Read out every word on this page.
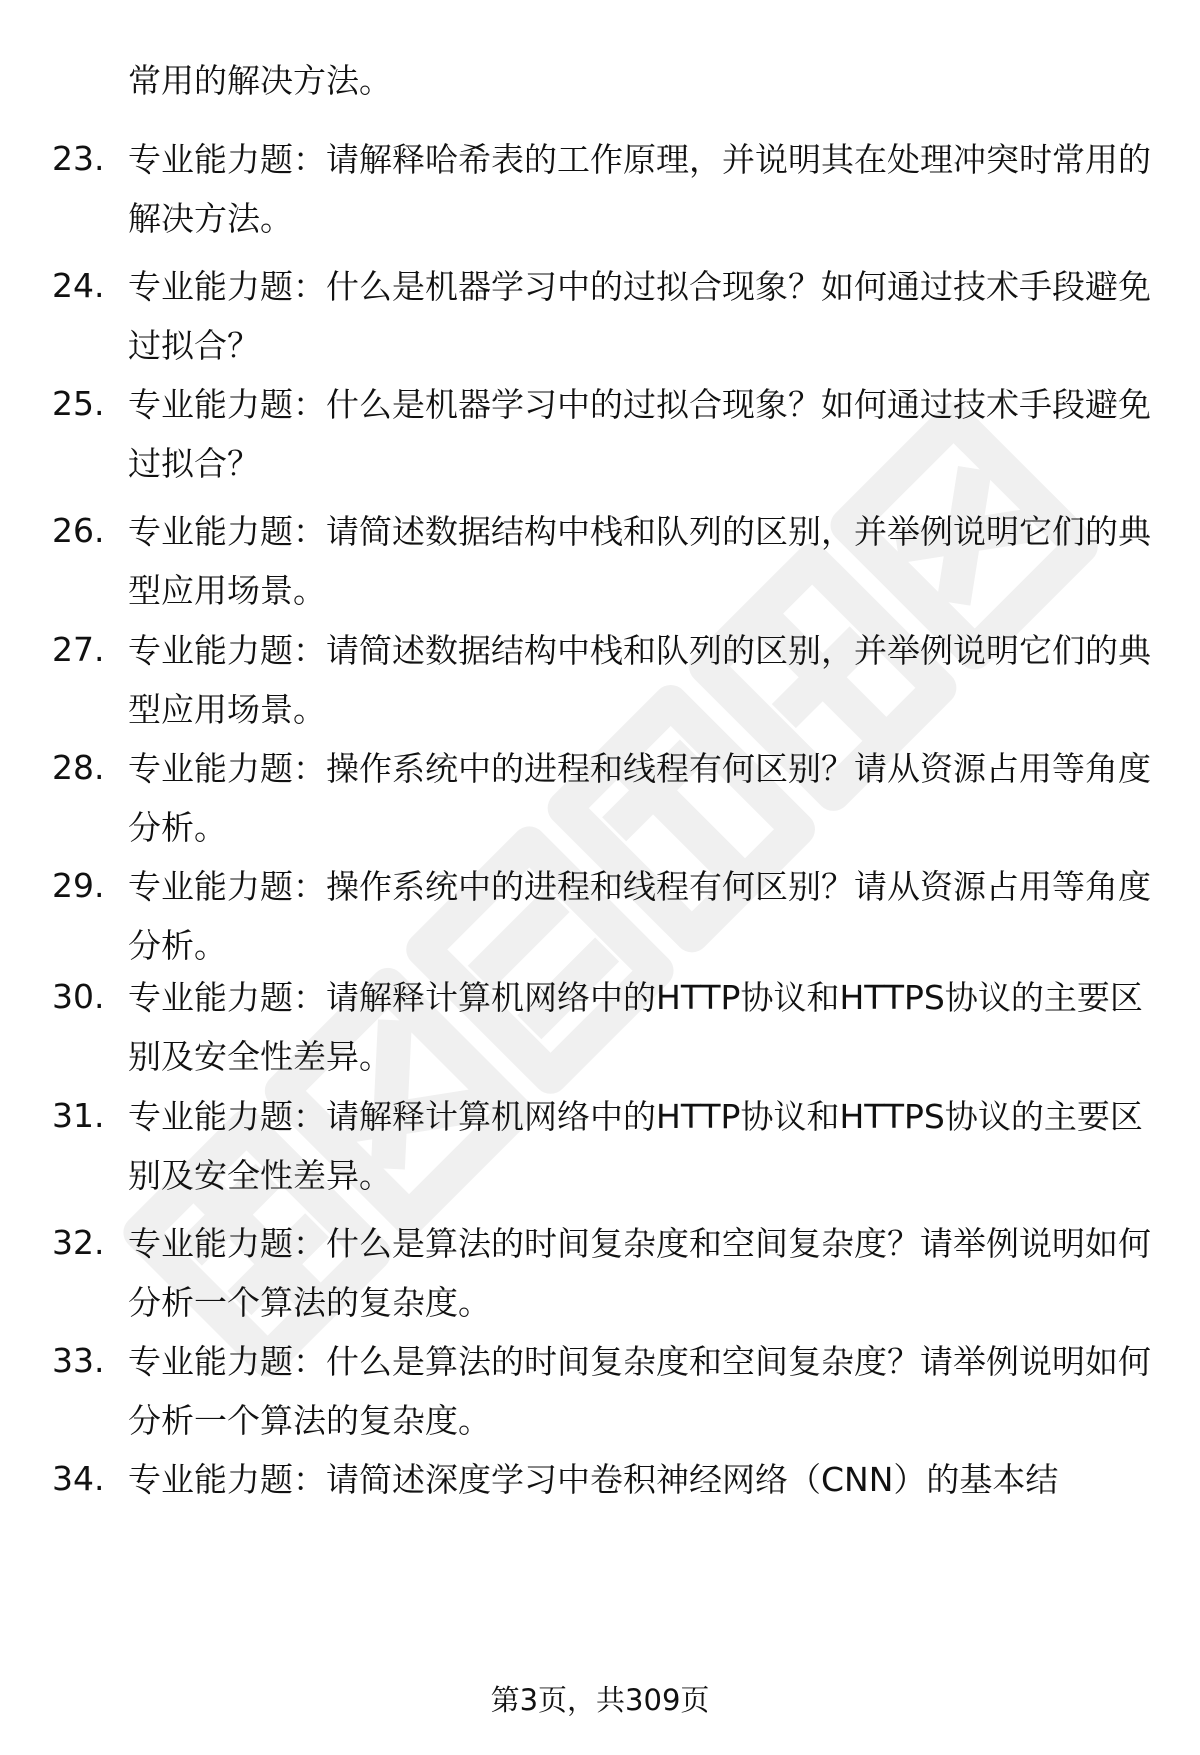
常用的解决方法。
23. 专业能力题：请解释哈希表的工作原理，并说明其在处理冲突时常用的解决方法。
24. 专业能力题：什么是机器学习中的过拟合现象？如何通过技术手段避免过拟合？
25. 专业能力题：什么是机器学习中的过拟合现象？如何通过技术手段避免过拟合？
26. 专业能力题：请简述数据结构中栈和队列的区别，并举例说明它们的典型应用场景。
27. 专业能力题：请简述数据结构中栈和队列的区别，并举例说明它们的典型应用场景。
28. 专业能力题：操作系统中的进程和线程有何区别？请从资源占用等角度分析。
29. 专业能力题：操作系统中的进程和线程有何区别？请从资源占用等角度分析。
30. 专业能力题：请解释计算机网络中的HTTP协议和HTTPS协议的主要区别及安全性差异。
31. 专业能力题：请解释计算机网络中的HTTP协议和HTTPS协议的主要区别及安全性差异。
32. 专业能力题：什么是算法的时间复杂度和空间复杂度？请举例说明如何分析一个算法的复杂度。
33. 专业能力题：什么是算法的时间复杂度和空间复杂度？请举例说明如何分析一个算法的复杂度。
34. 专业能力题：请简述深度学习中卷积神经网络（CNN）的基本结
第3页，共309页
